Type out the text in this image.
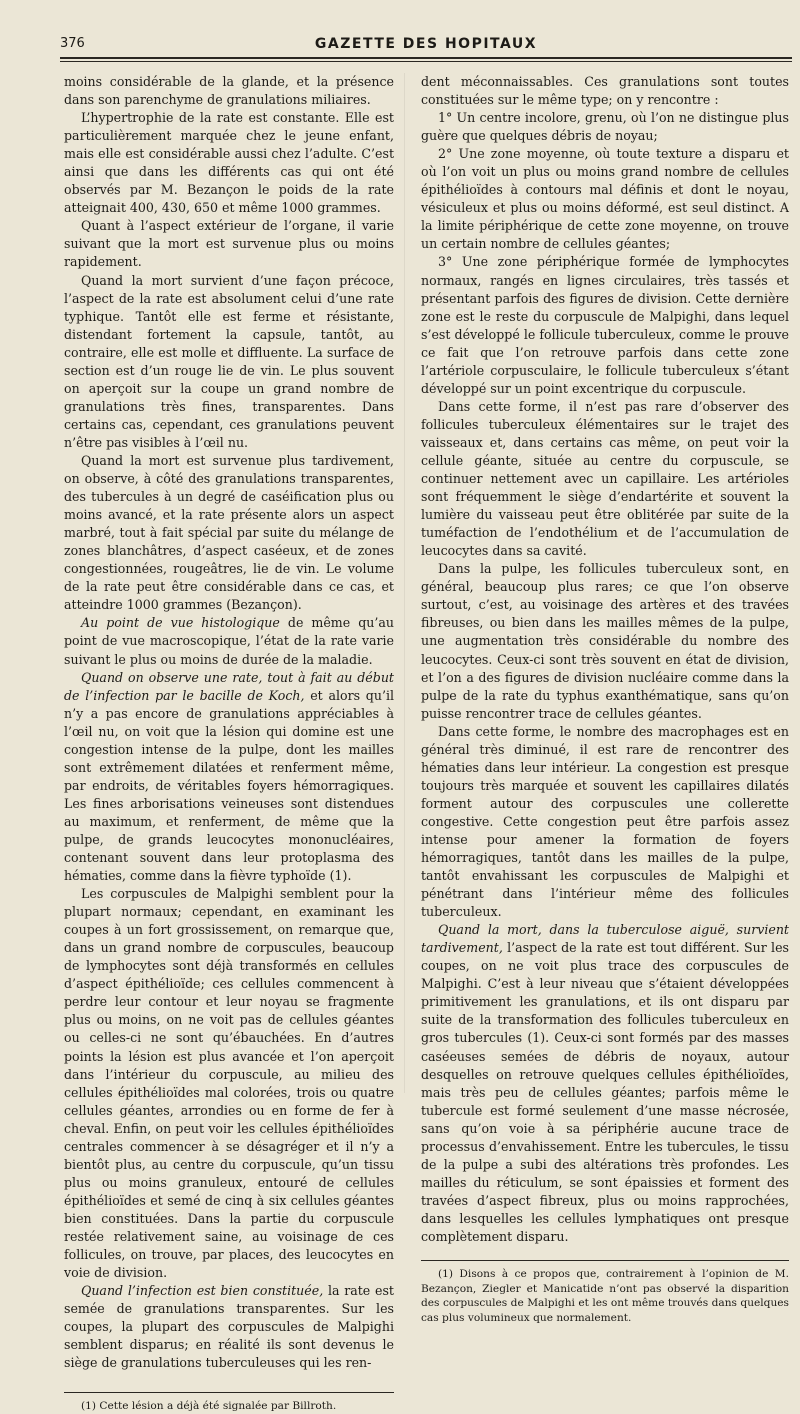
376	GAZETTE DES HOPITAUX

moins considérable de la glande, et la présence dans son parenchyme de granulations miliaires.

L’hypertrophie de la rate est constante. Elle est particulièrement marquée chez le jeune enfant, mais elle est considérable aussi chez l’adulte. C’est ainsi que dans les différents cas qui ont été observés par M. Bezançon le poids de la rate atteignait 400, 430, 650 et même 1000 grammes.

Quant à l’aspect extérieur de l’organe, il varie suivant que la mort est survenue plus ou moins rapidement.

Quand la mort survient d’une façon précoce, l’aspect de la rate est absolument celui d’une rate typhique. Tantôt elle est ferme et résistante, distendant fortement la capsule, tantôt, au contraire, elle est molle et diffluente. La surface de section est d’un rouge lie de vin. Le plus souvent on aperçoit sur la coupe un grand nombre de granulations très fines, transparentes. Dans certains cas, cependant, ces granulations peuvent n’être pas visibles à l’œil nu.

Quand la mort est survenue plus tardivement, on observe, à côté des granulations transparentes, des tubercules à un degré de caséification plus ou moins avancé, et la rate présente alors un aspect marbré, tout à fait spécial par suite du mélange de zones blanchâtres, d’aspect caséeux, et de zones congestionnées, rougeâtres, lie de vin. Le volume de la rate peut être considérable dans ce cas, et atteindre 1000 grammes (Bezançon).

Au point de vue histologique de même qu’au point de vue macroscopique, l’état de la rate varie suivant le plus ou moins de durée de la maladie.

Quand on observe une rate, tout à fait au début de l’infection par le bacille de Koch, et alors qu’il n’y a pas encore de granulations appréciables à l’œil nu, on voit que la lésion qui domine est une congestion intense de la pulpe, dont les mailles sont extrêmement dilatées et renferment même, par endroits, de véritables foyers hémorragiques. Les fines arborisations veineuses sont distendues au maximum, et renferment, de même que la pulpe, de grands leucocytes mononucléaires, contenant souvent dans leur protoplasma des hématies, comme dans la fièvre typhoïde (1).

Les corpuscules de Malpighi semblent pour la plupart normaux; cependant, en examinant les coupes à un fort grossissement, on remarque que, dans un grand nombre de corpuscules, beaucoup de lymphocytes sont déjà transformés en cellules d’aspect épithélioïde; ces cellules commencent à perdre leur contour et leur noyau se fragmente plus ou moins, on ne voit pas de cellules géantes ou celles-ci ne sont qu’ébauchées. En d’autres points la lésion est plus avancée et l’on aperçoit dans l’intérieur du corpuscule, au milieu des cellules épithélioïdes mal colorées, trois ou quatre cellules géantes, arrondies ou en forme de fer à cheval. Enfin, on peut voir les cellules épithélioïdes centrales commencer à se désagréger et il n’y a bientôt plus, au centre du corpuscule, qu’un tissu plus ou moins granuleux, entouré de cellules épithélioïdes et semé de cinq à six cellules géantes bien constituées. Dans la partie du corpuscule restée relativement saine, au voisinage de ces follicules, on trouve, par places, des leucocytes en voie de division.

Quand l’infection est bien constituée, la rate est semée de granulations transparentes. Sur les coupes, la plupart des corpuscules de Malpighi semblent disparus; en réalité ils sont devenus le siège de granulations tuberculeuses qui les ren-

(1) Cette lésion a déjà été signalée par Billroth.

dent méconnaissables. Ces granulations sont toutes constituées sur le même type; on y rencontre :

1° Un centre incolore, grenu, où l’on ne distingue plus guère que quelques débris de noyau;

2° Une zone moyenne, où toute texture a disparu et où l’on voit un plus ou moins grand nombre de cellules épithélioïdes à contours mal définis et dont le noyau, vésiculeux et plus ou moins déformé, est seul distinct. A la limite périphérique de cette zone moyenne, on trouve un certain nombre de cellules géantes;

3° Une zone périphérique formée de lymphocytes normaux, rangés en lignes circulaires, très tassés et présentant parfois des figures de division. Cette dernière zone est le reste du corpuscule de Malpighi, dans lequel s’est développé le follicule tuberculeux, comme le prouve ce fait que l’on retrouve parfois dans cette zone l’artériole corpusculaire, le follicule tuberculeux s’étant développé sur un point excentrique du corpuscule.

Dans cette forme, il n’est pas rare d’observer des follicules tuberculeux élémentaires sur le trajet des vaisseaux et, dans certains cas même, on peut voir la cellule géante, située au centre du corpuscule, se continuer nettement avec un capillaire. Les artérioles sont fréquemment le siège d’endartérite et souvent la lumière du vaisseau peut être oblitérée par suite de la tuméfaction de l’endothélium et de l’accumulation de leucocytes dans sa cavité.

Dans la pulpe, les follicules tuberculeux sont, en général, beaucoup plus rares; ce que l’on observe surtout, c’est, au voisinage des artères et des travées fibreuses, ou bien dans les mailles mêmes de la pulpe, une augmentation très considérable du nombre des leucocytes. Ceux-ci sont très souvent en état de division, et l’on a des figures de division nucléaire comme dans la pulpe de la rate du typhus exanthématique, sans qu’on puisse rencontrer trace de cellules géantes.

Dans cette forme, le nombre des macrophages est en général très diminué, il est rare de rencontrer des hématies dans leur intérieur. La congestion est presque toujours très marquée et souvent les capillaires dilatés forment autour des corpuscules une collerette congestive. Cette congestion peut être parfois assez intense pour amener la formation de foyers hémorragiques, tantôt dans les mailles de la pulpe, tantôt envahissant les corpuscules de Malpighi et pénétrant dans l’intérieur même des follicules tuberculeux.

Quand la mort, dans la tuberculose aiguë, survient tardivement, l’aspect de la rate est tout différent. Sur les coupes, on ne voit plus trace des corpuscules de Malpighi. C’est à leur niveau que s’étaient développées primitivement les granulations, et ils ont disparu par suite de la transformation des follicules tuberculeux en gros tubercules (1). Ceux-ci sont formés par des masses caséeuses semées de débris de noyaux, autour desquelles on retrouve quelques cellules épithélioïdes, mais très peu de cellules géantes; parfois même le tubercule est formé seulement d’une masse nécrosée, sans qu’on voie à sa périphérie aucune trace de processus d’envahissement. Entre les tubercules, le tissu de la pulpe a subi des altérations très profondes. Les mailles du réticulum, se sont épaissies et forment des travées d’aspect fibreux, plus ou moins rapprochées, dans lesquelles les cellules lymphatiques ont presque complètement disparu.

(1) Disons à ce propos que, contrairement à l’opinion de M. Bezançon, Ziegler et Manicatide n’ont pas observé la disparition des corpuscules de Malpighi et les ont même trouvés dans quelques cas plus volumineux que normalement.
